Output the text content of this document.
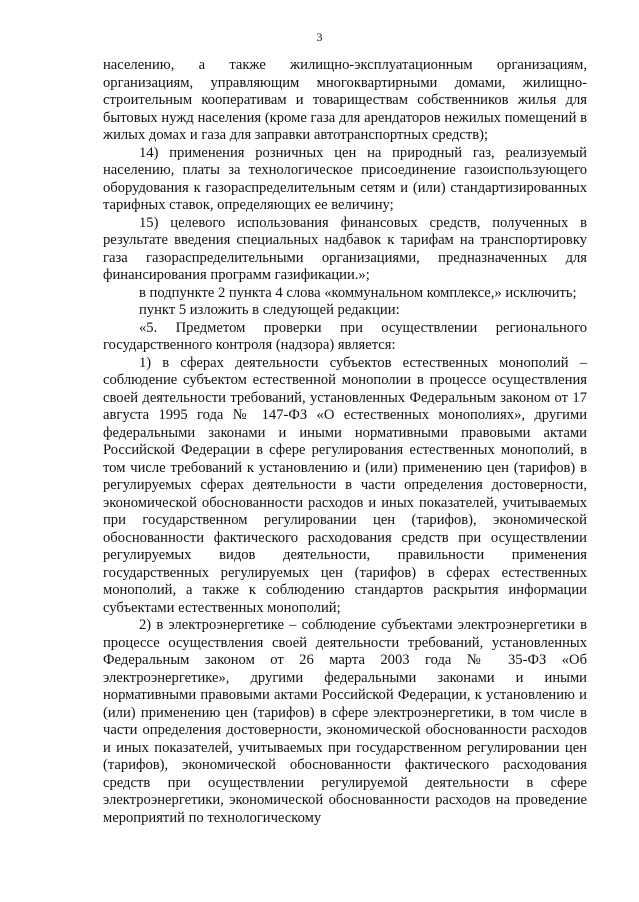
3

населению, а также жилищно-эксплуатационным организациям, организациям, управляющим многоквартирными домами, жилищно-строительным кооперативам и товариществам собственников жилья для бытовых нужд населения (кроме газа для арендаторов нежилых помещений в жилых домах и газа для заправки автотранспортных средств);

14) применения розничных цен на природный газ, реализуемый населению, платы за технологическое присоединение газоиспользующего оборудования к газораспределительным сетям и (или) стандартизированных тарифных ставок, определяющих ее величину;

15) целевого использования финансовых средств, полученных в результате введения специальных надбавок к тарифам на транспортировку газа газораспределительными организациями, предназначенных для финансирования программ газификации.»;

в подпункте 2 пункта 4 слова «коммунальном комплексе,» исключить;

пункт 5 изложить в следующей редакции:

«5. Предметом проверки при осуществлении регионального государственного контроля (надзора) является:

1) в сферах деятельности субъектов естественных монополий – соблюдение субъектом естественной монополии в процессе осуществления своей деятельности требований, установленных Федеральным законом от 17 августа 1995 года № 147-ФЗ «О естественных монополиях», другими федеральными законами и иными нормативными правовыми актами Российской Федерации в сфере регулирования естественных монополий, в том числе требований к установлению и (или) применению цен (тарифов) в регулируемых сферах деятельности в части определения достоверности, экономической обоснованности расходов и иных показателей, учитываемых при государственном регулировании цен (тарифов), экономической обоснованности фактического расходования средств при осуществлении регулируемых видов деятельности, правильности применения государственных регулируемых цен (тарифов) в сферах естественных монополий, а также к соблюдению стандартов раскрытия информации субъектами естественных монополий;

2) в электроэнергетике – соблюдение субъектами электроэнергетики в процессе осуществления своей деятельности требований, установленных Федеральным законом от 26 марта 2003 года № 35-ФЗ «Об электроэнергетике», другими федеральными законами и иными нормативными правовыми актами Российской Федерации, к установлению и (или) применению цен (тарифов) в сфере электроэнергетики, в том числе в части определения достоверности, экономической обоснованности расходов и иных показателей, учитываемых при государственном регулировании цен (тарифов), экономической обоснованности фактического расходования средств при осуществлении регулируемой деятельности в сфере электроэнергетики, экономической обоснованности расходов на проведение мероприятий по технологическому
